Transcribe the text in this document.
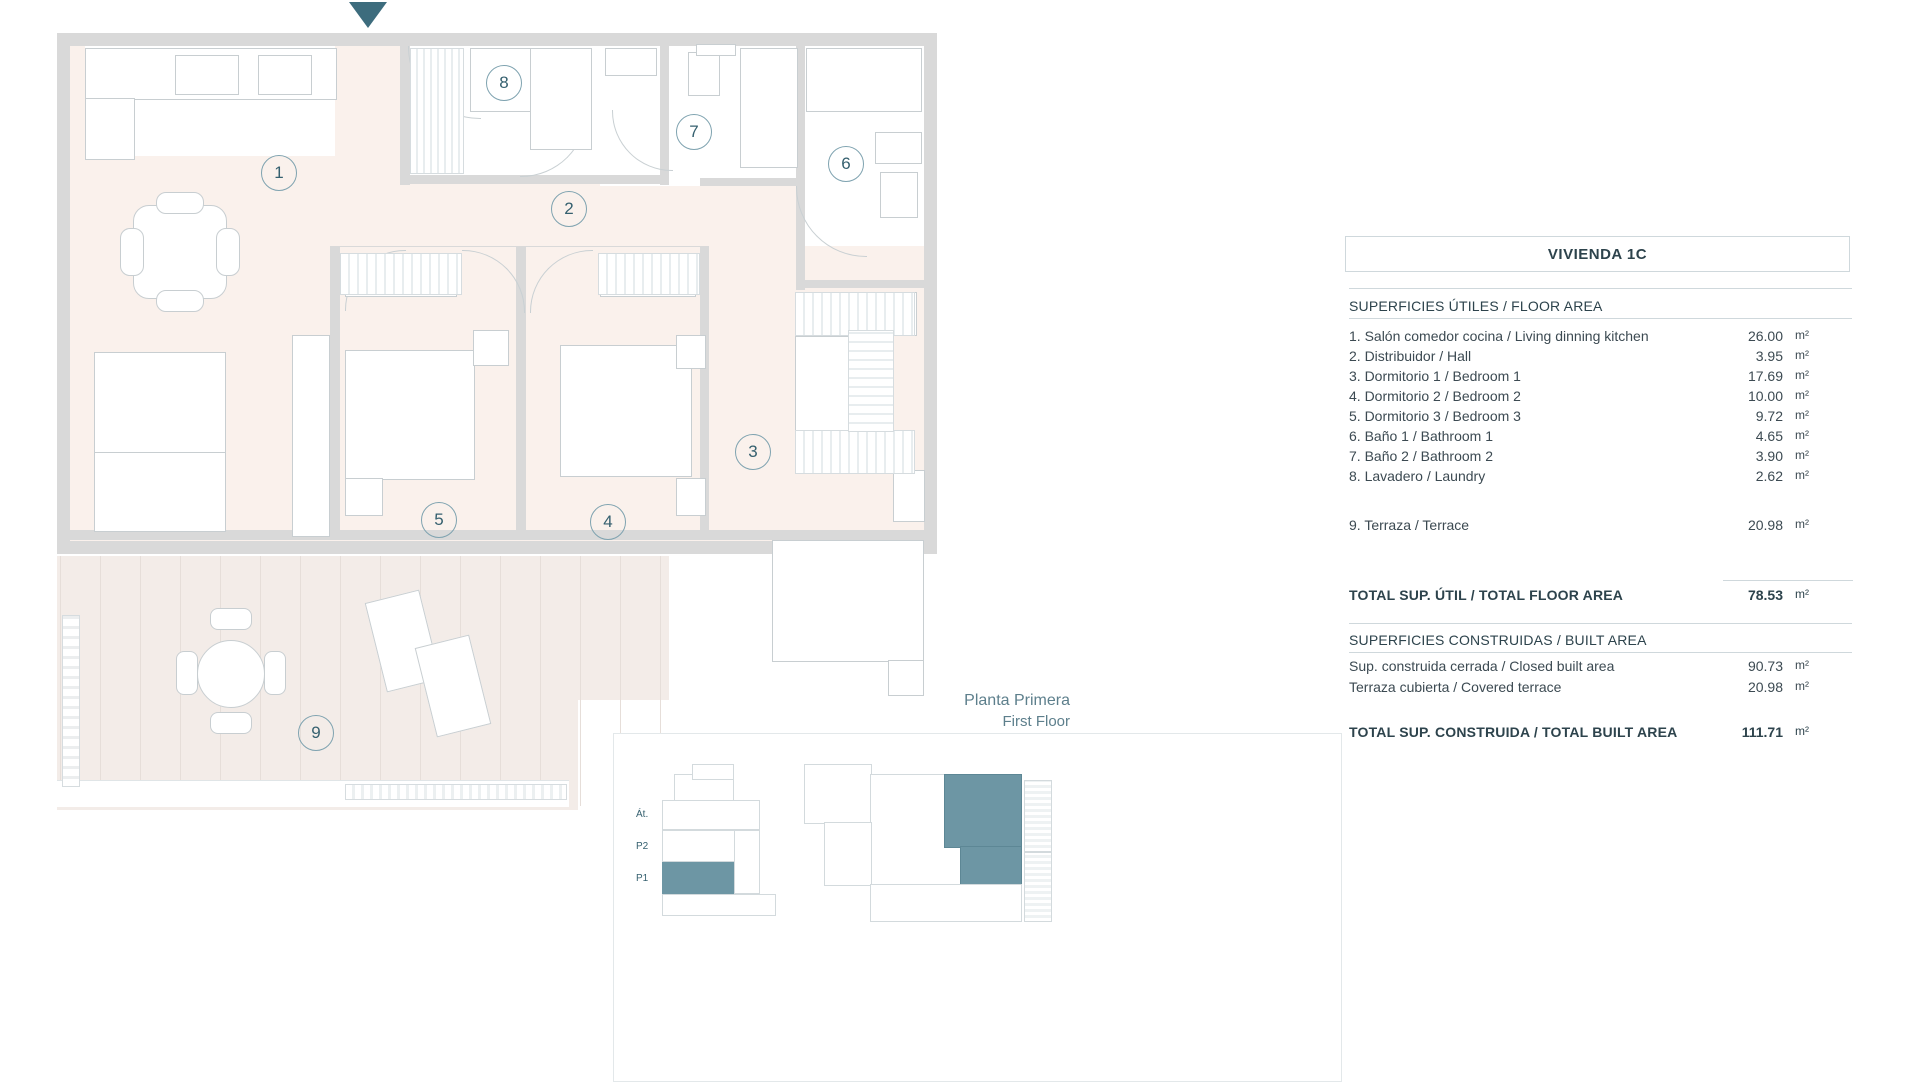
1
2
3
4
5
6
7
8
9
Planta Primera
First Floor
Át.
P2
P1
VIVIENDA 1C
SUPERFICIES ÚTILES / FLOOR AREA
1. Salón comedor cocina / Living dinning kitchen	26.00 m²
2. Distribuidor / Hall	3.95 m²
3. Dormitorio 1 / Bedroom 1	17.69 m²
4. Dormitorio 2 / Bedroom 2	10.00 m²
5. Dormitorio 3 / Bedroom 3	9.72 m²
6. Baño 1 / Bathroom 1	4.65 m²
7. Baño 2 / Bathroom 2	3.90 m²
8. Lavadero / Laundry	2.62 m²
9. Terraza / Terrace	20.98 m²
TOTAL SUP. ÚTIL / TOTAL FLOOR AREA	78.53 m²
SUPERFICIES CONSTRUIDAS / BUILT AREA
Sup. construida cerrada / Closed built area	90.73 m²
Terraza cubierta / Covered terrace	20.98 m²
TOTAL SUP. CONSTRUIDA / TOTAL BUILT AREA	111.71 m²
